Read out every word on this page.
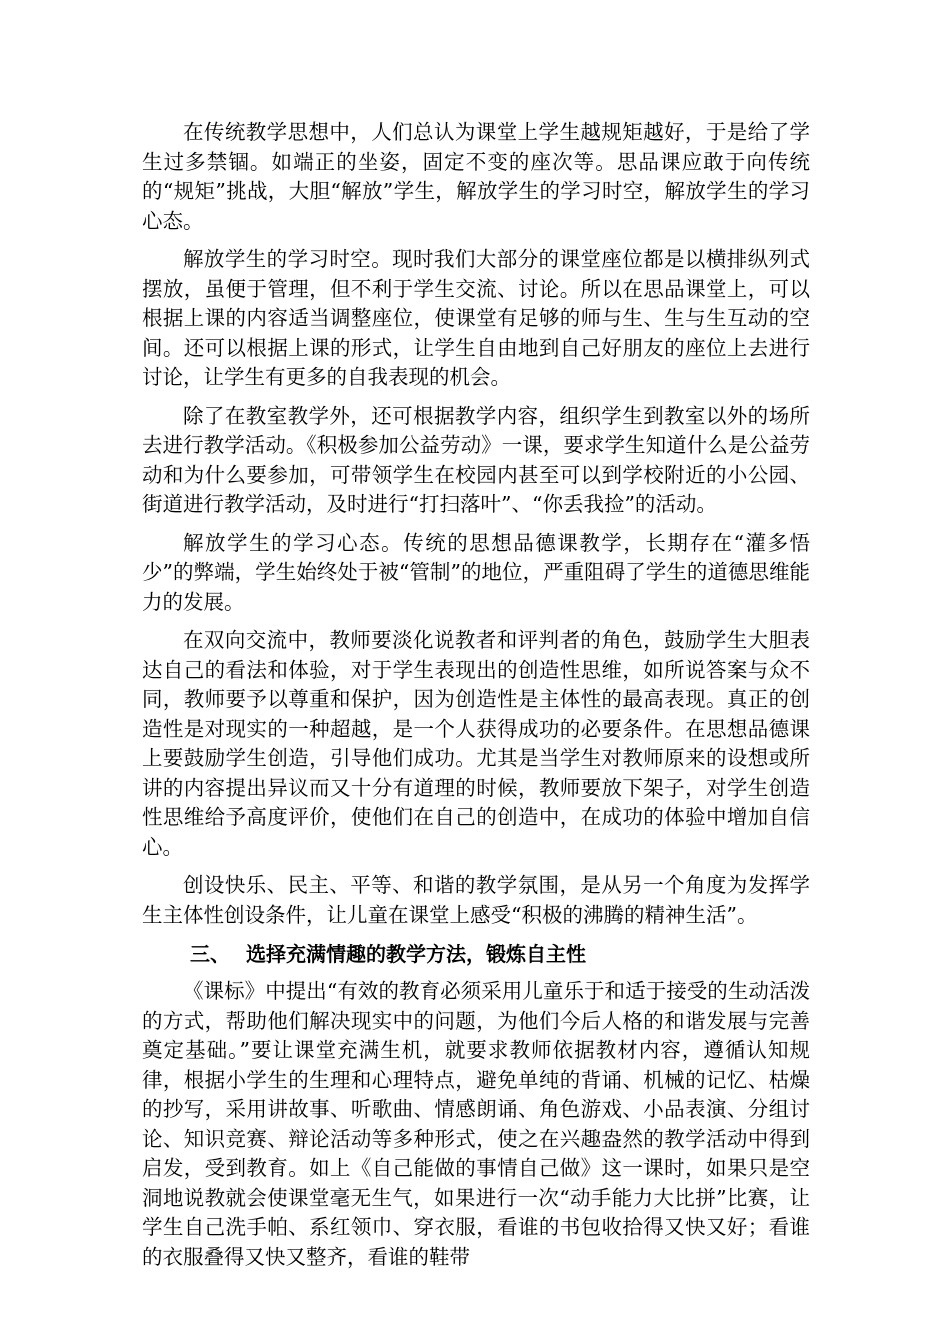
在传统教学思想中，人们总认为课堂上学生越规矩越好，于是给了学生过多禁锢。如端正的坐姿，固定不变的座次等。思品课应敢于向传统的“规矩”挑战，大胆“解放”学生，解放学生的学习时空，解放学生的学习心态。

解放学生的学习时空。现时我们大部分的课堂座位都是以横排纵列式摆放，虽便于管理，但不利于学生交流、讨论。所以在思品课堂上，可以根据上课的内容适当调整座位，使课堂有足够的师与生、生与生互动的空间。还可以根据上课的形式，让学生自由地到自己好朋友的座位上去进行讨论，让学生有更多的自我表现的机会。

除了在教室教学外，还可根据教学内容，组织学生到教室以外的场所去进行教学活动。《积极参加公益劳动》一课，要求学生知道什么是公益劳动和为什么要参加，可带领学生在校园内甚至可以到学校附近的小公园、街道进行教学活动，及时进行“打扫落叶”、“你丢我捡”的活动。

解放学生的学习心态。传统的思想品德课教学，长期存在“灌多悟少”的弊端，学生始终处于被“管制”的地位，严重阻碍了学生的道德思维能力的发展。

在双向交流中，教师要淡化说教者和评判者的角色，鼓励学生大胆表达自己的看法和体验，对于学生表现出的创造性思维，如所说答案与众不同，教师要予以尊重和保护，因为创造性是主体性的最高表现。真正的创造性是对现实的一种超越，是一个人获得成功的必要条件。在思想品德课上要鼓励学生创造，引导他们成功。尤其是当学生对教师原来的设想或所讲的内容提出异议而又十分有道理的时候，教师要放下架子，对学生创造性思维给予高度评价，使他们在自己的创造中，在成功的体验中增加自信心。

创设快乐、民主、平等、和谐的教学氛围，是从另一个角度为发挥学生主体性创设条件，让儿童在课堂上感受“积极的沸腾的精神生活”。

三、 选择充满情趣的教学方法，锻炼自主性

《课标》中提出“有效的教育必须采用儿童乐于和适于接受的生动活泼的方式，帮助他们解决现实中的问题，为他们今后人格的和谐发展与完善奠定基础。”要让课堂充满生机，就要求教师依据教材内容，遵循认知规律，根据小学生的生理和心理特点，避免单纯的背诵、机械的记忆、枯燥的抄写，采用讲故事、听歌曲、情感朗诵、角色游戏、小品表演、分组讨论、知识竞赛、辩论活动等多种形式，使之在兴趣盎然的教学活动中得到启发，受到教育。如上《自己能做的事情自己做》这一课时，如果只是空洞地说教就会使课堂毫无生气，如果进行一次“动手能力大比拼”比赛，让学生自己洗手帕、系红领巾、穿衣服，看谁的书包收拾得又快又好；看谁的衣服叠得又快又整齐，看谁的鞋带
